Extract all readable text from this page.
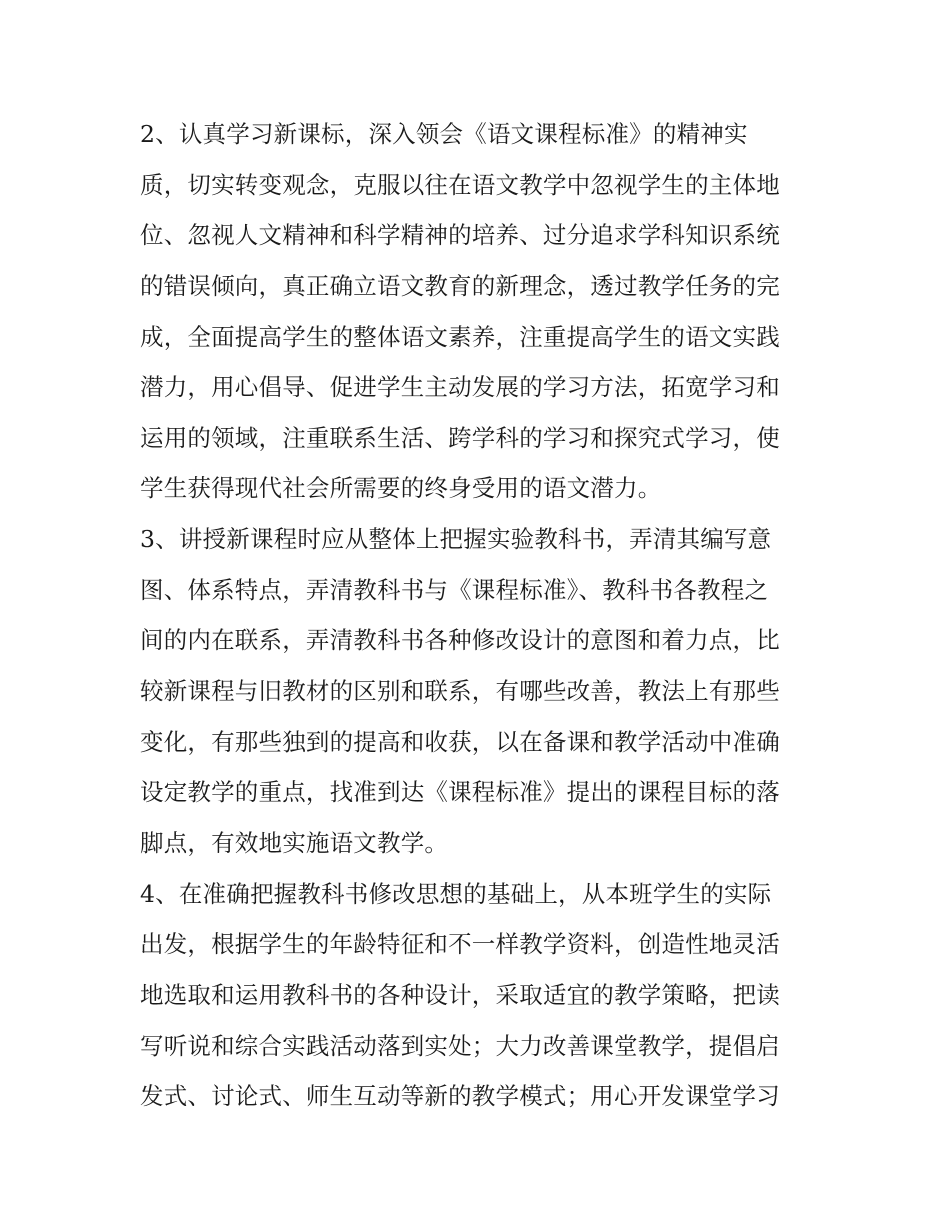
2、认真学习新课标，深入领会《语文课程标准》的精神实
质，切实转变观念，克服以往在语文教学中忽视学生的主体地
位、忽视人文精神和科学精神的培养、过分追求学科知识系统
的错误倾向，真正确立语文教育的新理念，透过教学任务的完
成，全面提高学生的整体语文素养，注重提高学生的语文实践
潜力，用心倡导、促进学生主动发展的学习方法，拓宽学习和
运用的领域，注重联系生活、跨学科的学习和探究式学习，使
学生获得现代社会所需要的终身受用的语文潜力。
3、讲授新课程时应从整体上把握实验教科书，弄清其编写意
图、体系特点，弄清教科书与《课程标准》、教科书各教程之
间的内在联系，弄清教科书各种修改设计的意图和着力点，比
较新课程与旧教材的区别和联系，有哪些改善，教法上有那些
变化，有那些独到的提高和收获，以在备课和教学活动中准确
设定教学的重点，找准到达《课程标准》提出的课程目标的落
脚点，有效地实施语文教学。
4、在准确把握教科书修改思想的基础上，从本班学生的实际
出发，根据学生的年龄特征和不一样教学资料，创造性地灵活
地选取和运用教科书的各种设计，采取适宜的教学策略，把读
写听说和综合实践活动落到实处；大力改善课堂教学，提倡启
发式、讨论式、师生互动等新的教学模式；用心开发课堂学习
